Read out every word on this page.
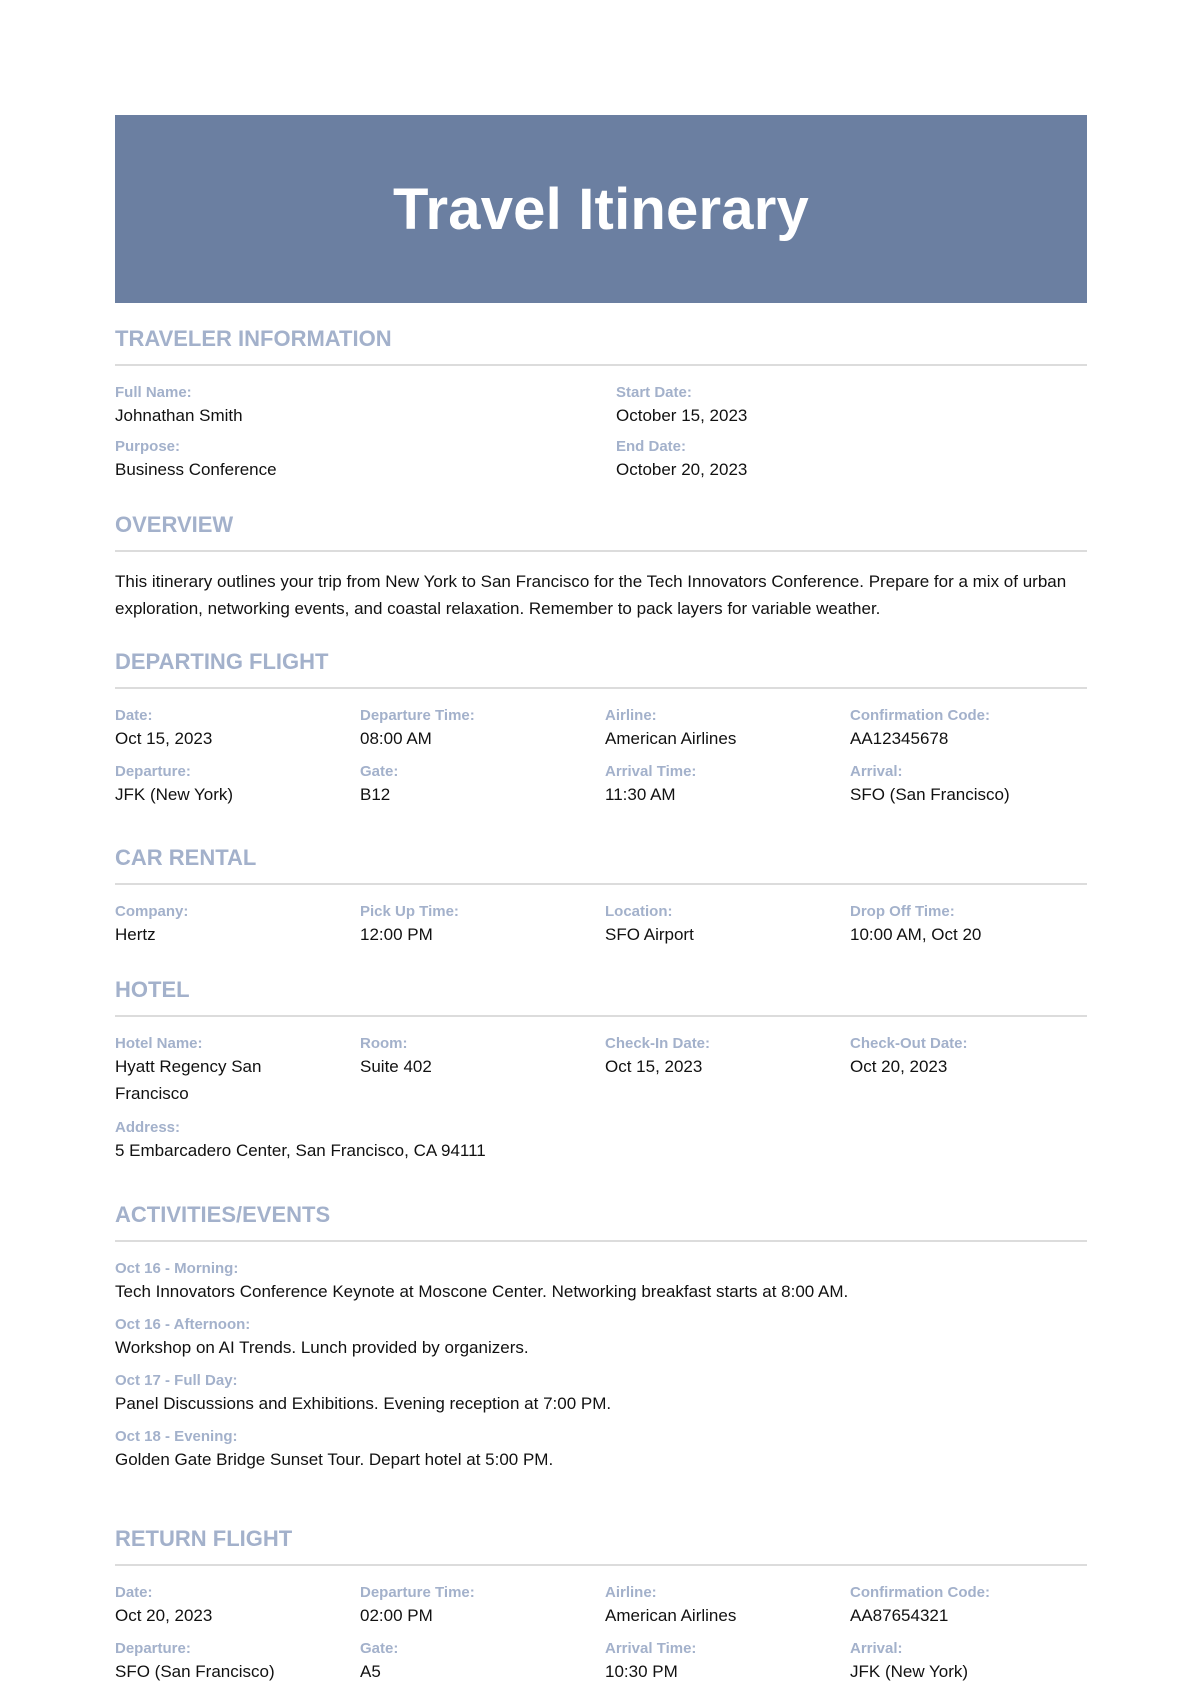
Travel Itinerary
TRAVELER INFORMATION
Full Name:
Johnathan Smith
Start Date:
October 15, 2023
Purpose:
Business Conference
End Date:
October 20, 2023
OVERVIEW
This itinerary outlines your trip from New York to San Francisco for the Tech Innovators Conference. Prepare for a mix of urban exploration, networking events, and coastal relaxation. Remember to pack layers for variable weather.
DEPARTING FLIGHT
Date:
Oct 15, 2023
Departure Time:
08:00 AM
Airline:
American Airlines
Confirmation Code:
AA12345678
Departure:
JFK (New York)
Gate:
B12
Arrival Time:
11:30 AM
Arrival:
SFO (San Francisco)
CAR RENTAL
Company:
Hertz
Pick Up Time:
12:00 PM
Location:
SFO Airport
Drop Off Time:
10:00 AM, Oct 20
HOTEL
Hotel Name:
Hyatt Regency San Francisco
Room:
Suite 402
Check-In Date:
Oct 15, 2023
Check-Out Date:
Oct 20, 2023
Address:
5 Embarcadero Center, San Francisco, CA 94111
ACTIVITIES/EVENTS
Oct 16 - Morning:
Tech Innovators Conference Keynote at Moscone Center. Networking breakfast starts at 8:00 AM.
Oct 16 - Afternoon:
Workshop on AI Trends. Lunch provided by organizers.
Oct 17 - Full Day:
Panel Discussions and Exhibitions. Evening reception at 7:00 PM.
Oct 18 - Evening:
Golden Gate Bridge Sunset Tour. Depart hotel at 5:00 PM.
RETURN FLIGHT
Date:
Oct 20, 2023
Departure Time:
02:00 PM
Airline:
American Airlines
Confirmation Code:
AA87654321
Departure:
SFO (San Francisco)
Gate:
A5
Arrival Time:
10:30 PM
Arrival:
JFK (New York)
